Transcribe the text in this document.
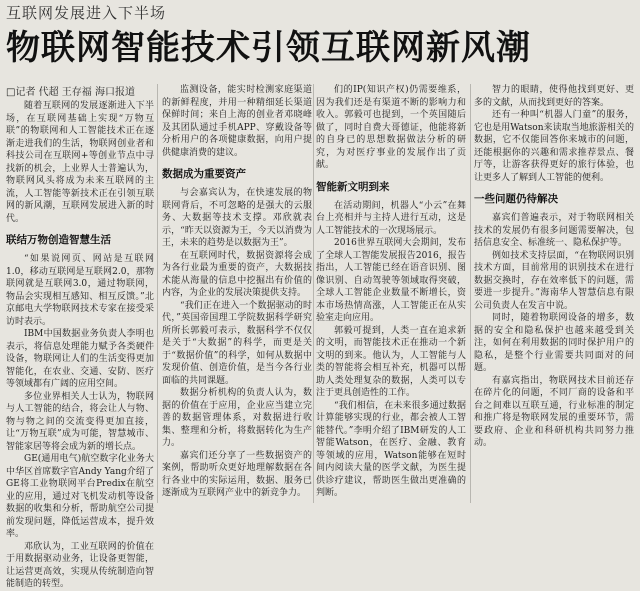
互联网发展进入下半场
物联网智能技术引领互联网新风潮
□记者 代超 王存福 海口报道

随着互联网的发展逐渐进入下半场，在互联网基础上实现“万物互联”的物联网和人工智能技术正在逐渐走进我们的生活，物联网创业者和科技公司在互联网+等创业节点中寻找新的机会，上业界人士普遍认为，物联网风头将成为未来互联网的主流，人工智能等新技术正在引领互联网的新风潮，互联网发展进入新的时代。

联结万物创造智慧生活

“如果说网页、网站是互联网1.0，移动互联网是互联网2.0，那物联网就是互联网3.0，通过物联网，物品会实现相互感知、相互反馈。”北京邮电大学物联网技术专家在接受采访时表示。

IBM中国数据业务负责人李明也表示，将信息处理能力赋予各类硬件设备，物联网让人们的生活变得更加智能化，在农业、交通、安防、医疗等领域都有广阔的应用空间。

多位业界相关人士认为，物联网与人工智能的结合，将会让人与物、物与物之间的交流变得更加直接，让“万物互联”成为可能，智慧城市、智能家居等将会成为新的增长点。

GE(通用电气)航空数字化业务大中华区首席数字官Andy Yang介绍了GE将工业物联网平台Predix在航空业的应用，通过对飞机发动机等设备数据的收集和分析，帮助航空公司提前发现问题，降低运营成本，提升效率。

邓欣认为，工业互联网的价值在于用数据驱动业务，让设备更智能，让运营更高效，实现从传统制造向智能制造的转型。

监测设备，能实时检测家庭渠道的新鲜程度，并用一种精细延长渠道保鲜时间；来自上海的创业者邓晓峰及其团队通过手机APP、穿戴设备等分析用户的各项健康数据，向用户提供健康消费的建议。

数据成为重要资产

与会嘉宾认为，在快速发展的物联网背后，不可忽略的是强大的云服务、大数据等技术支撑。邓欣就表示，“昨天以资源为王，今天以消费为王，未来的趋势是以数据为王”。

在互联网时代，数据资源将会成为各行业最为重要的资产，大数据技术能从海量的信息中挖掘出有价值的内容，为企业的发展决策提供支持。

“我们正在进入一个数据驱动的时代，”英国帝国理工学院数据科学研究所所长郭毅可表示，数据科学不仅仅是关于“大数据”的科学，而更是关于“数据价值”的科学，如何从数据中发现价值、创造价值，是当今各行业面临的共同课题。

数据分析机构的负责人认为，数据的价值在于应用，企业应当建立完善的数据管理体系，对数据进行收集、整理和分析，将数据转化为生产力。

嘉宾们还分享了一些数据资产的案例，帮助听众更好地理解数据在各行各业中的实际运用，数据、服务已逐渐成为互联网产业中的新竞争力。

们的IP(知识产权)仍需要维系，因为我们还是有渠道不断的影响力和收入。郭毅可也提到，一个英国随后做了，同时自费大哥德证，他能将新的自身已的思想数据做法分析的研究，为对医疗事业的发展作出了贡献。

智能新文明到来

在活动期间，机器人“小云”在舞台上亮相并与主持人进行互动，这是人工智能技术的一次现场展示。

2016世界互联网大会期间，发布了全球人工智能发展报告2016，报告指出，人工智能已经在语音识别、图像识别、自动驾驶等领域取得突破，全球人工智能企业数量不断增长，资本市场热情高涨，人工智能正在从实验室走向应用。

郭毅可提到，人类一直在追求新的文明，而智能技术正在推动一个新文明的到来。他认为，人工智能与人类的智能将会相互补充，机器可以帮助人类处理复杂的数据，人类可以专注于更具创造性的工作。

“我们相信，在未来很多通过数据计算能够实现的行业，都会被人工智能替代。”李明介绍了IBM研发的人工智能Watson，在医疗、金融、教育等领域的应用，Watson能够在短时间内阅读大量的医学文献，为医生提供诊疗建议，帮助医生做出更准确的判断。

智力的眼睛，使得他找到更好、更多的文献，从而找到更好的答案。

还有一种叫“机器人门童”的服务，它也是用Watson来读取当地旅游相关的数据，它不仅能回答你来城市的问题，还能根据你的兴趣和需求推荐景点、餐厅等，让游客获得更好的旅行体验，也让更多人了解到人工智能的便利。

一些问题仍待解决

嘉宾们普遍表示，对于物联网相关技术的发展仍有很多问题需要解决，包括信息安全、标准统一、隐私保护等。

例如技术支持层面，“在物联网识别技术方面，目前常用的识别技术在进行数据交换时，存在效率低下的问题，需要进一步提升。”海南华人智慧信息有限公司负责人在发言中说。

同时，随着物联网设备的增多，数据的安全和隐私保护也越来越受到关注，如何在利用数据的同时保护用户的隐私，是整个行业需要共同面对的问题。

有嘉宾指出，物联网技术目前还存在碎片化的问题，不同厂商的设备和平台之间难以互联互通，行业标准的制定和推广将是物联网发展的重要环节，需要政府、企业和科研机构共同努力推动。
